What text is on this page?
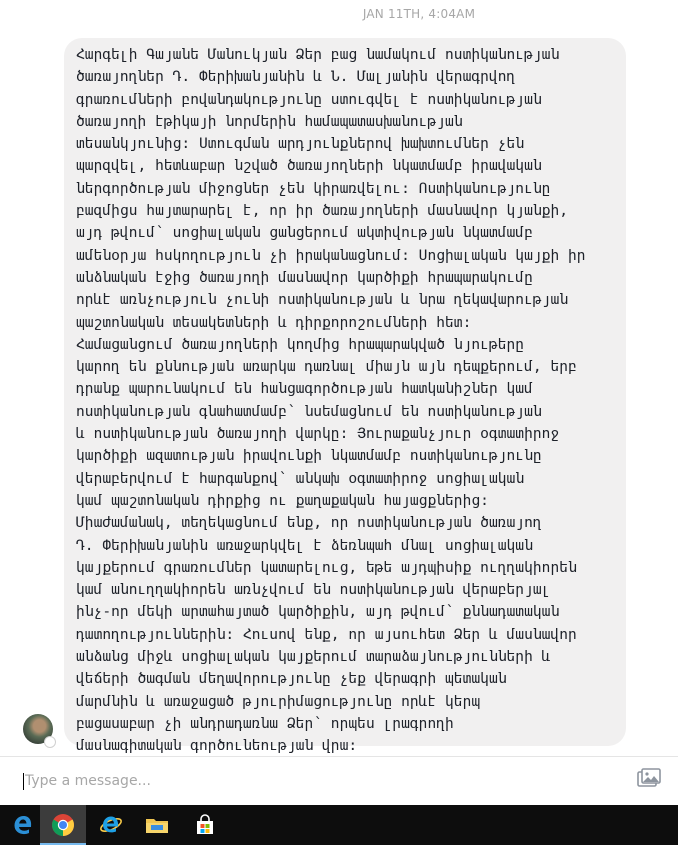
JAN 11TH, 4:04AM
Հարգելի Գայանե Մանուկյան Ձեր բաց նամակում ոստիկանության
ծառայողներ Դ. Փերիխանյանին և Ն. Մալյանին վերագրվող
գրառումների բովանդակությունը ստուգվել է ոստիկանության
ծառայողի էթիկայի նորմերին համապատասխանության
տեսանկյունից: Ստուգման արդյունքներով խախտումներ չեն
պարզվել, հետևաբար նշված ծառայողների նկատմամբ իրավական
ներգործության միջոցներ չեն կիրառվելու: Ոստիկանությունը
բազմիցս հայտարարել է, որ իր ծառայողների մասնավոր կյանքի,
այդ թվում՝ սոցիալական ցանցերում ակտիվության նկատմամբ
ամենօրյա հսկողություն չի իրականացնում: Սոցիալական կայքի իր
անձնական էջից ծառայողի մասնավոր կարծիքի հրապարակումը
որևէ առնչություն չունի ոստիկանության և նրա ղեկավարության
պաշտոնական տեսակետների և դիրքորոշումների հետ:
Համացանցում ծառայողների կողմից հրապարակված նյութերը
կարող են քննության առարկա դառնալ միայն այն դեպքերում, երբ
դրանք պարունակում են հանցագործության հատկանիշներ կամ
ոստիկանության գնահատմամբ՝ նսեմացնում են ոստիկանության
և ոստիկանության ծառայողի վարկը: Յուրաքանչյուր օգտատիրոջ
կարծիքի ազատության իրավունքի նկատմամբ ոստիկանությունը
վերաբերվում է հարգանքով՝ անկախ օգտատիրոջ սոցիալական
կամ պաշտոնական դիրքից ու քաղաքական հայացքներից:
Միաժամանակ, տեղեկացնում ենք, որ ոստիկանության ծառայող
Դ. Փերիխանյանին առաջարկվել է ձեռնպահ մնալ սոցիալական
կայքերում գրառումներ կատարելուց, եթե այդպիսիք ուղղակիորեն
կամ անուղղակիորեն առնչվում են ոստիկանության վերաբերյալ
ինչ-որ մեկի արտահայտած կարծիքին, այդ թվում՝ քննադատական
դատողություններին: Հուսով ենք, որ այսուհետ Ձեր և մասնավոր
անձանց միջև սոցիալական կայքերում տարաձայնությունների և
վեճերի ծագման մեղավորությունը չեք վերագրի պետական
մարմնին և առաջացած թյուրիմացությունը որևէ կերպ
բացասաբար չի անդրադառնա Ձեր՝ որպես լրագրողի
մասնագիտական գործունեության վրա:
Type a message...
